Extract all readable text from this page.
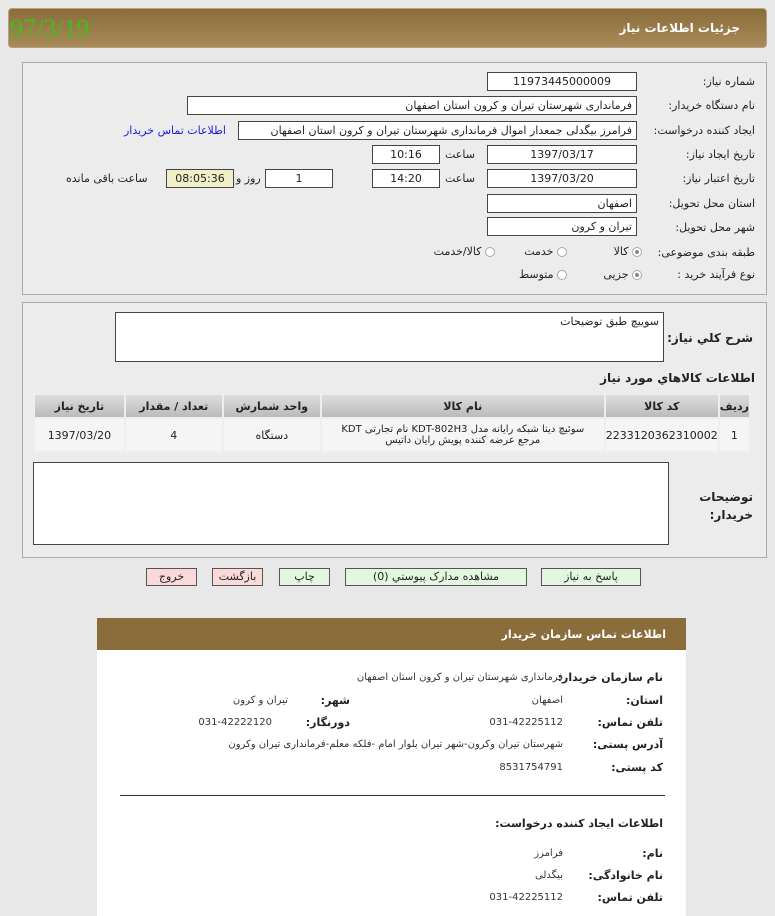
جزئیات اطلاعات نیاز
97/3/19
شماره نیاز:
11973445000009
نام دستگاه خریدار:
فرمانداری شهرستان تیران و کرون استان اصفهان
ایجاد کننده درخواست:
فرامرز بیگدلی جمعدار اموال فرمانداری شهرستان تیران و کرون استان اصفهان
اطلاعات تماس خریدار
تاریخ ایجاد نیاز:
1397/03/17
ساعت
10:16
تاریخ اعتبار نیاز:
1397/03/20
ساعت
14:20
1
روز و
08:05:36
ساعت باقی مانده
استان محل تحویل:
اصفهان
شهر محل تحویل:
تیران و کرون
طبقه بندی موضوعی:
کالا
خدمت
کالا/خدمت
نوع فرآیند خرید :
جزیی
متوسط
شرح کلي نياز:
سوییچ طبق توضیحات
اطلاعات کالاهاي مورد نياز
رديف	کد کالا	نام کالا	واحد شمارش	تعداد / مقدار	تاریخ نیاز
1	2233120362310002	سوئیچ دیتا شبکه رایانه مدل KDT-802H3 نام تجارتی KDT مرجع عرضه کننده پویش رایان داتیس	دستگاه	4	1397/03/20
توضیحات
خریدار:
پاسخ به نیاز
مشاهده مدارک پیوستي (0)
چاپ
بازگشت
خروج
اطلاعات تماس سازمان خریدار
نام سازمان خریدار:
فرمانداری شهرستان تیران و کرون استان اصفهان
استان:
اصفهان
شهر:
تیران و کرون
تلفن تماس:
031-42225112
دورنگار:
031-42222120
آدرس پستی:
شهرستان تیران وکرون-شهر تیران بلوار امام -فلکه معلم-فرمانداری تیران وکرون
کد پستی:
8531754791
اطلاعات ایجاد کننده درخواست:
نام:
فرامرز
نام خانوادگی:
بیگدلی
تلفن تماس:
031-42225112
